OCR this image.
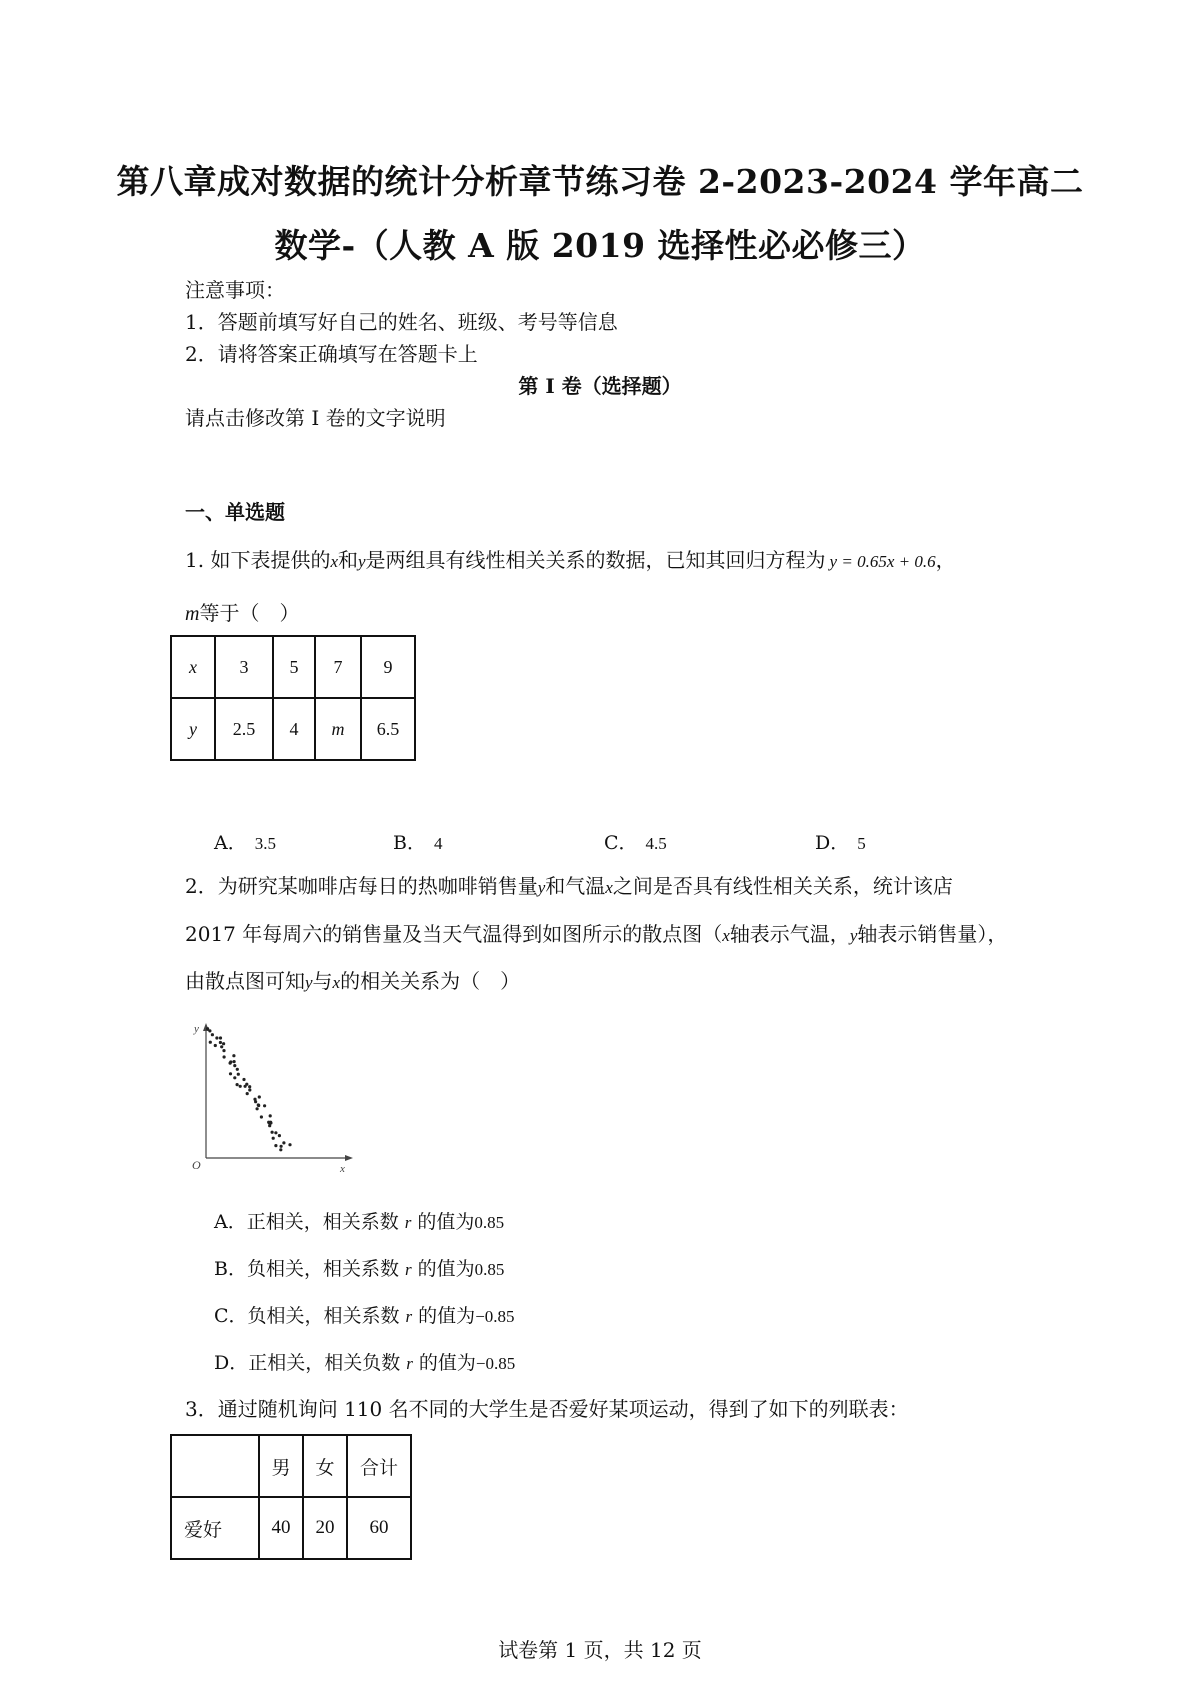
第八章成对数据的统计分析章节练习卷 2-2023-2024 学年高二
数学-（人教 A 版 2019 选择性必必修三）
注意事项：
1．答题前填写好自己的姓名、班级、考号等信息
2．请将答案正确填写在答题卡上
第 I 卷（选择题）
请点击修改第 I 卷的文字说明
一、单选题
1. 如下表提供的x和y是两组具有线性相关关系的数据，已知其回归方程为 y = 0.65x + 0.6，
m等于（　）
x	3	5	7	9
y	2.5	4	m	6.5
A． 3.5	B． 4	C． 4.5	D． 5
2．为研究某咖啡店每日的热咖啡销售量y和气温x之间是否具有线性相关关系，统计该店
2017 年每周六的销售量及当天气温得到如图所示的散点图（x轴表示气温，y轴表示销售量），
由散点图可知y与x的相关关系为（　）
y
x
O
A．正相关，相关系数 r 的值为0.85
B．负相关，相关系数 r 的值为0.85
C．负相关，相关系数 r 的值为−0.85
D．正相关，相关负数 r 的值为−0.85
3．通过随机询问 110 名不同的大学生是否爱好某项运动，得到了如下的列联表：
	男	女	合计
爱好	40	20	60
试卷第 1 页，共 12 页
